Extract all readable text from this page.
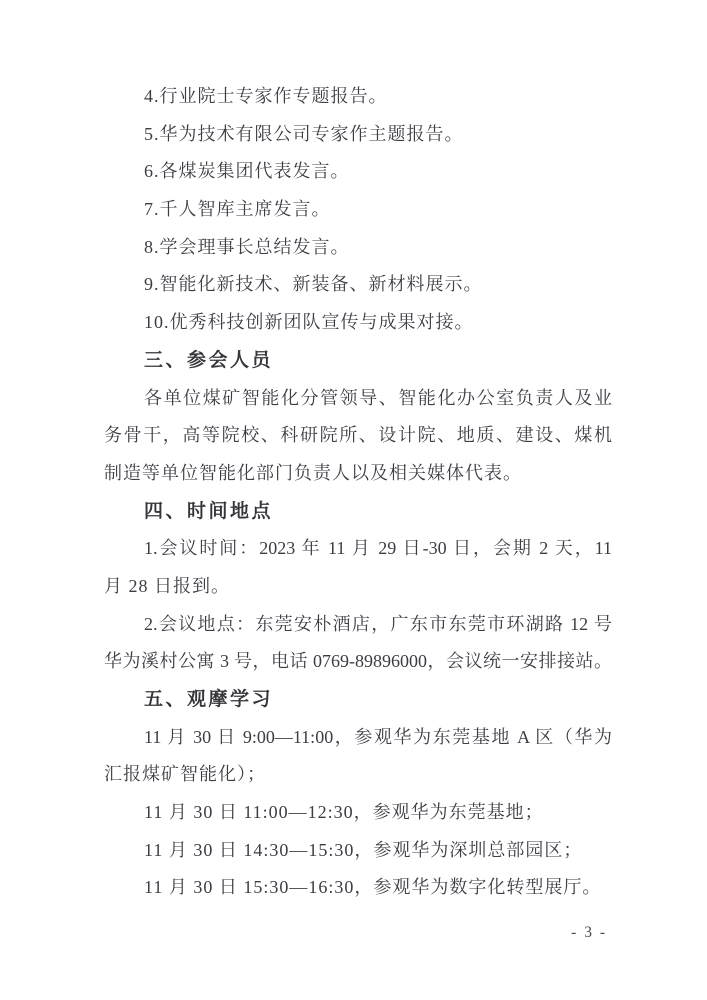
4.行业院士专家作专题报告。
5.华为技术有限公司专家作主题报告。
6.各煤炭集团代表发言。
7.千人智库主席发言。
8.学会理事长总结发言。
9.智能化新技术、新装备、新材料展示。
10.优秀科技创新团队宣传与成果对接。
三、参会人员
各单位煤矿智能化分管领导、智能化办公室负责人及业
务骨干，高等院校、科研院所、设计院、地质、建设、煤机
制造等单位智能化部门负责人以及相关媒体代表。
四、时间地点
1.会议时间：2023 年 11 月 29 日-30 日，会期 2 天，11
月 28 日报到。
2.会议地点：东莞安朴酒店，广东市东莞市环湖路 12 号
华为溪村公寓 3 号，电话 0769-89896000，会议统一安排接站。
五、观摩学习
11 月 30 日 9:00—11:00，参观华为东莞基地 A 区（华为
汇报煤矿智能化）；
11 月 30 日 11:00—12:30，参观华为东莞基地；
11 月 30 日 14:30—15:30，参观华为深圳总部园区；
11 月 30 日 15:30—16:30，参观华为数字化转型展厅。
- 3 -
